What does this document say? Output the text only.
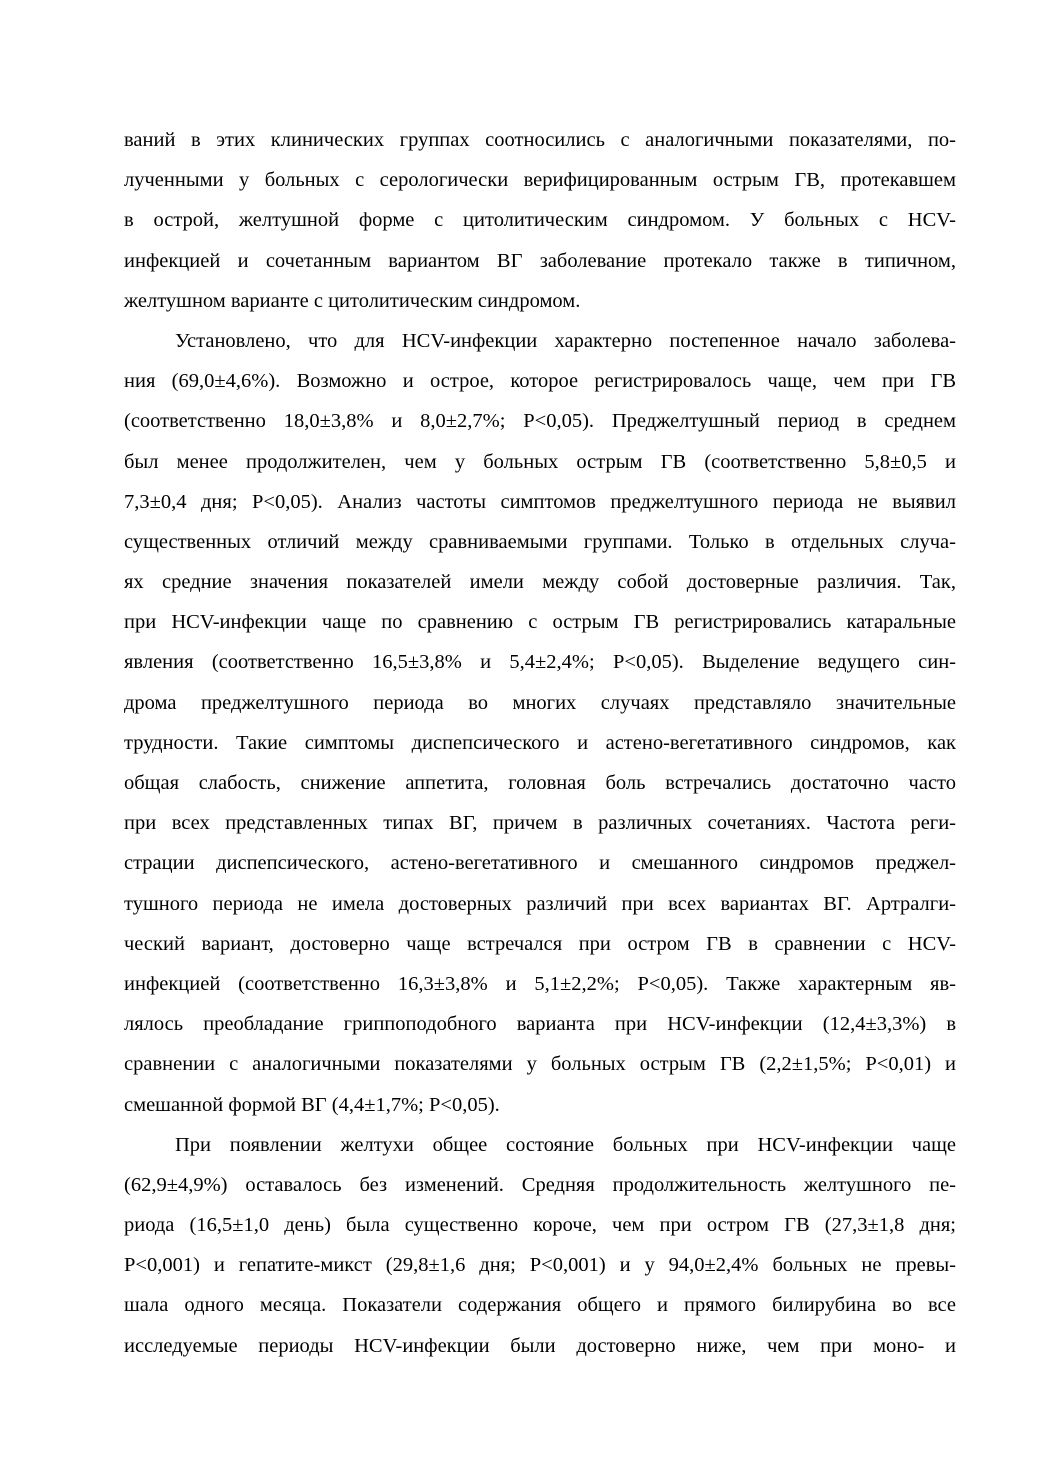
ваний в этих клинических группах соотносились с аналогичными показателями, по-
лученными у больных с серологически верифицированным острым ГВ, протекавшем
в острой, желтушной форме с цитолитическим синдромом. У больных с HCV-
инфекцией и сочетанным вариантом ВГ заболевание протекало также в типичном,
желтушном варианте с цитолитическим синдромом.
Установлено, что для HCV-инфекции характерно постепенное начало заболева-
ния (69,0±4,6%). Возможно и острое, которое регистрировалось чаще, чем при ГВ
(соответственно 18,0±3,8% и 8,0±2,7%; P<0,05). Преджелтушный период в среднем
был менее продолжителен, чем у больных острым ГВ (соответственно 5,8±0,5 и
7,3±0,4 дня; P<0,05). Анализ частоты симптомов преджелтушного периода не выявил
существенных отличий между сравниваемыми группами. Только в отдельных случа-
ях средние значения показателей имели между собой достоверные различия. Так,
при HCV-инфекции чаще по сравнению с острым ГВ регистрировались катаральные
явления (соответственно 16,5±3,8% и 5,4±2,4%; P<0,05). Выделение ведущего син-
дрома преджелтушного периода во многих случаях представляло значительные
трудности. Такие симптомы диспепсического и астено-вегетативного синдромов, как
общая слабость, снижение аппетита, головная боль встречались достаточно часто
при всех представленных типах ВГ, причем в различных сочетаниях. Частота реги-
страции диспепсического, астено-вегетативного и смешанного синдромов преджел-
тушного периода не имела достоверных различий при всех вариантах ВГ. Артралги-
ческий вариант, достоверно чаще встречался при остром ГВ в сравнении с HCV-
инфекцией (соответственно 16,3±3,8% и 5,1±2,2%; P<0,05). Также характерным яв-
лялось преобладание гриппоподобного варианта при HCV-инфекции (12,4±3,3%) в
сравнении с аналогичными показателями у больных острым ГВ (2,2±1,5%; P<0,01) и
смешанной формой ВГ (4,4±1,7%; P<0,05).
При появлении желтухи общее состояние больных при HCV-инфекции чаще
(62,9±4,9%) оставалось без изменений. Средняя продолжительность желтушного пе-
риода (16,5±1,0 день) была существенно короче, чем при остром ГВ (27,3±1,8 дня;
P<0,001) и гепатите-микст (29,8±1,6 дня; P<0,001) и у 94,0±2,4% больных не превы-
шала одного месяца. Показатели содержания общего и прямого билирубина во все
исследуемые периоды HCV-инфекции были достоверно ниже, чем при моно- и
